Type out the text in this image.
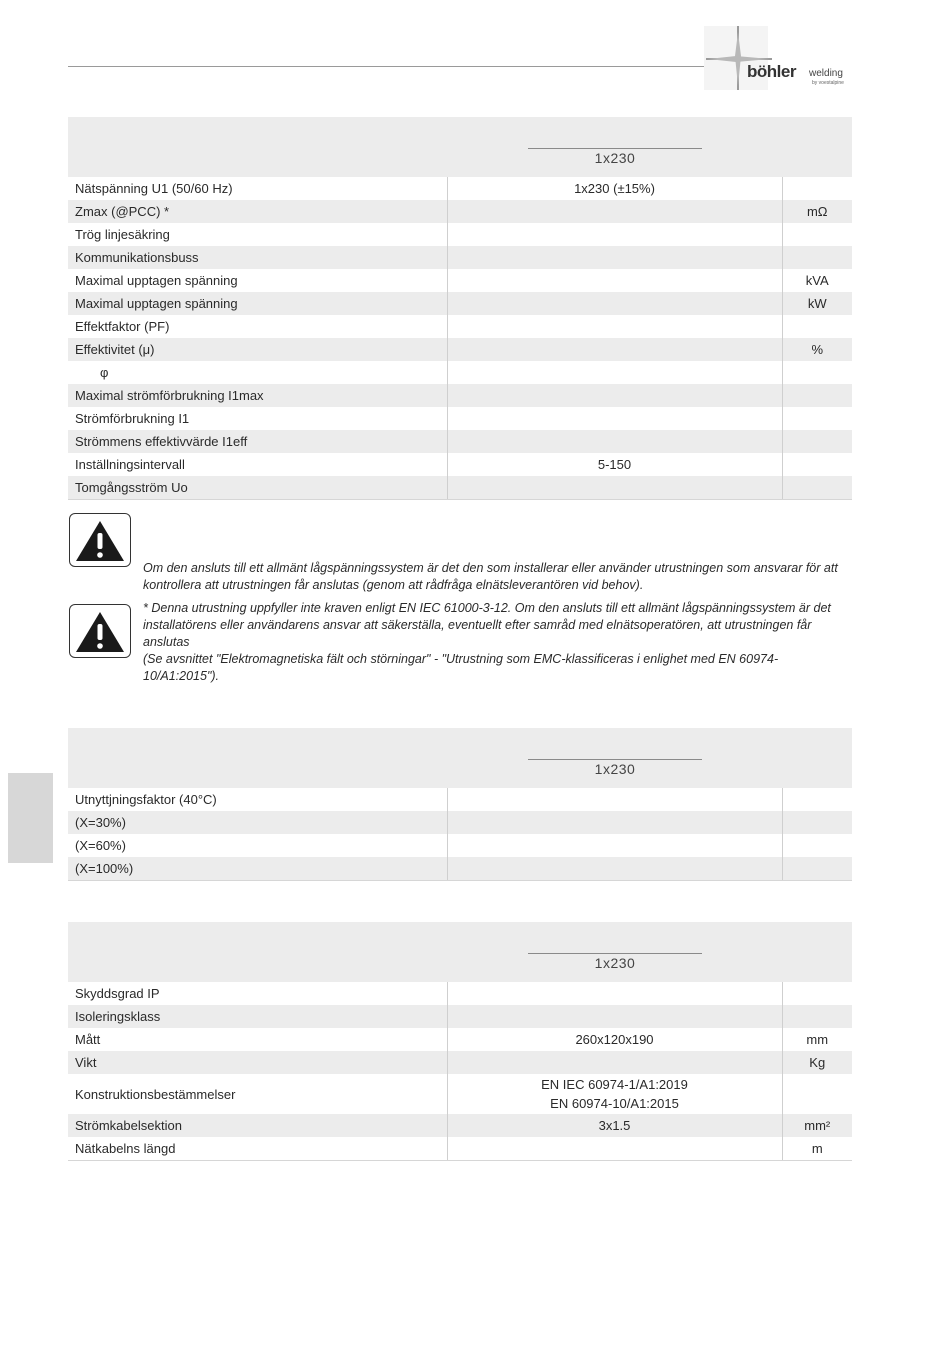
böhler welding
by voestalpine
1x230		

Nätspänning U1 (50/60 Hz)	1x230 (±15%)	
Zmax (@PCC) *		mΩ
Trög linjesäkring		
Kommunikationsbuss		
Maximal upptagen spänning		kVA
Maximal upptagen spänning		kW
Effektfaktor (PF)		
Effektivitet (μ)		%
φ		
Maximal strömförbrukning I1max		
Strömförbrukning I1		
Strömmens effektivvärde I1eff		
Inställningsintervall	5-150	
Tomgångsström Uo		

Om den ansluts till ett allmänt lågspänningssystem är det den som installerar eller använder utrustningen som ansvarar för att kontrollera att utrustningen får anslutas (genom att rådfråga elnätsleverantören vid behov).

* Denna utrustning uppfyller inte kraven enligt EN IEC 61000-3-12. Om den ansluts till ett allmänt lågspänningssystem är det installatörens eller användarens ansvar att säkerställa, eventuellt efter samråd med elnätsoperatören, att utrustningen får anslutas

(Se avsnittet "Elektromagnetiska fält och störningar" - "Utrustning som EMC-klassificeras i enlighet med EN 60974-10/A1:2015").

1x230		

Utnyttjningsfaktor (40°C)		
(X=30%)		
(X=60%)		
(X=100%)		
1x230		

Skyddsgrad IP		
Isoleringsklass		
Mått	260x120x190	mm
Vikt		Kg
Konstruktionsbestämmelser	EN IEC 60974-1/A1:2019
EN 60974-10/A1:2015	

Strömkabelsektion	3x1.5	mm²
Nätkabelns längd		m
